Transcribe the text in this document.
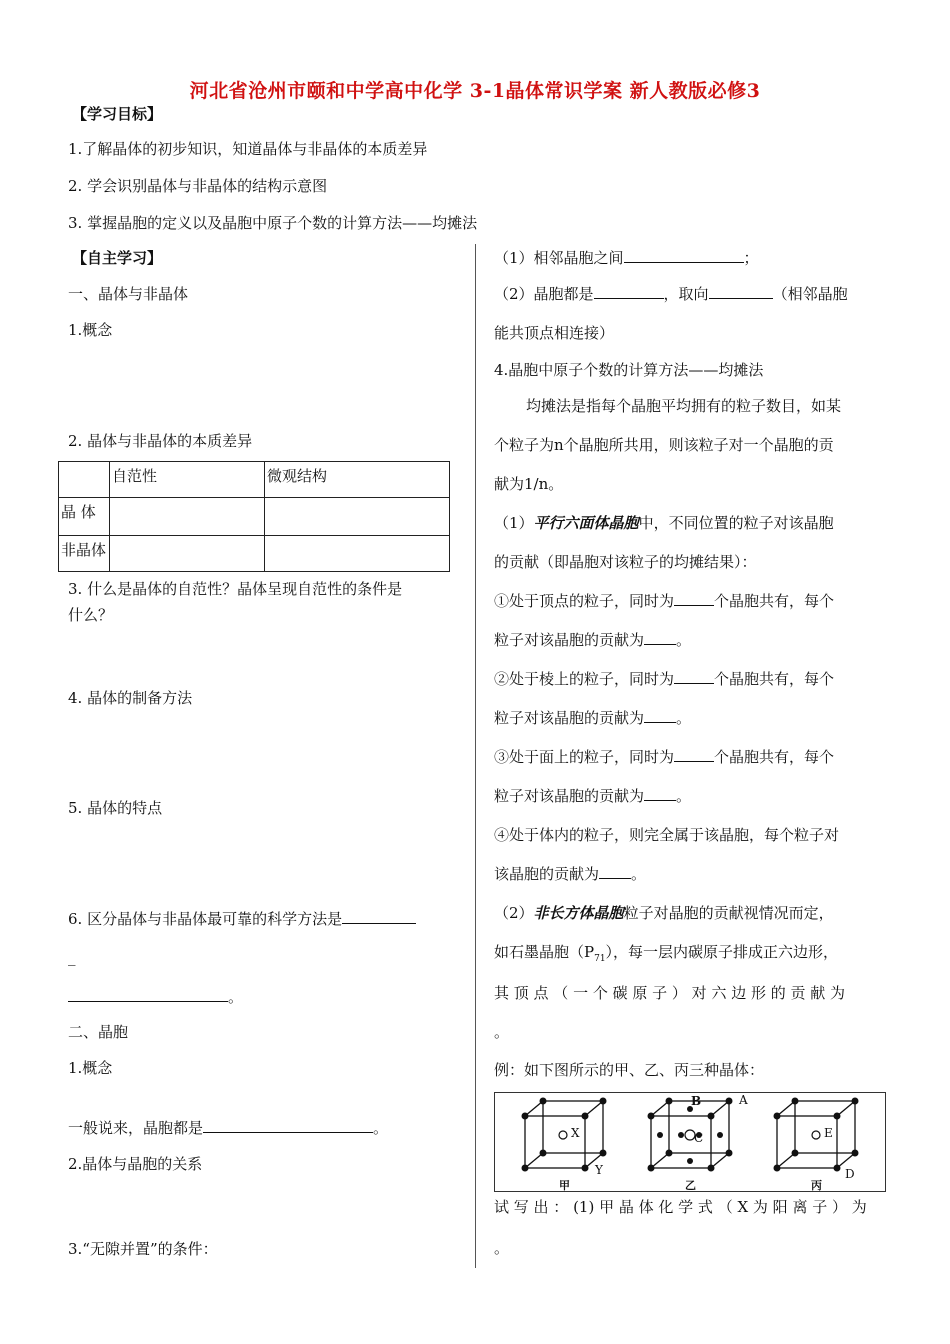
河北省沧州市颐和中学高中化学 3-1晶体常识学案 新人教版必修3
【学习目标】
1.了解晶体的初步知识，知道晶体与非晶体的本质差异
2. 学会识别晶体与非晶体的结构示意图
3. 掌握晶胞的定义以及晶胞中原子个数的计算方法——均摊法
【自主学习】
一、晶体与非晶体
1.概念
2. 晶体与非晶体的本质差异
	自范性	微观结构
晶 体		
非晶体		
3. 什么是晶体的自范性？晶体呈现自范性的条件是
什么？
4. 晶体的制备方法
5. 晶体的特点
6. 区分晶体与非晶体最可靠的科学方法是
_
。
二、晶胞
1.概念
一般说来，晶胞都是	。
2.晶体与晶胞的关系
3.“无隙并置”的条件：
（1）相邻晶胞之间	；
（2）晶胞都是	，取向	（相邻晶胞
能共顶点相连接）
4.晶胞中原子个数的计算方法——均摊法
均摊法是指每个晶胞平均拥有的粒子数目，如某
个粒子为n个晶胞所共用，则该粒子对一个晶胞的贡
献为1/n。
（1）平行六面体晶胞中，不同位置的粒子对该晶胞
的贡献（即晶胞对该粒子的均摊结果）：
①处于顶点的粒子，同时为	个晶胞共有，每个
粒子对该晶胞的贡献为 。
②处于棱上的粒子，同时为	个晶胞共有，每个
粒子对该晶胞的贡献为 。
③处于面上的粒子，同时为	个晶胞共有，每个
粒子对该晶胞的贡献为 。
④处于体内的粒子，则完全属于该晶胞，每个粒子对
该晶胞的贡献为 。
（2）非长方体晶胞粒子对晶胞的贡献视情况而定，
如石墨晶胞$(P_{71})$，每一层内碳原子排成正六边形，
其 顶 点 （ 一 个 碳 原 子 ） 对 六 边 形 的 贡 献 为
。
例：如下图所示的甲、乙、丙三种晶体：
X
Y
A
B
C
D
E
甲	乙	丙
试 写 出 ： (1) 甲 晶 体 化 学 式 （ X 为 阳 离 子 ） 为
。
